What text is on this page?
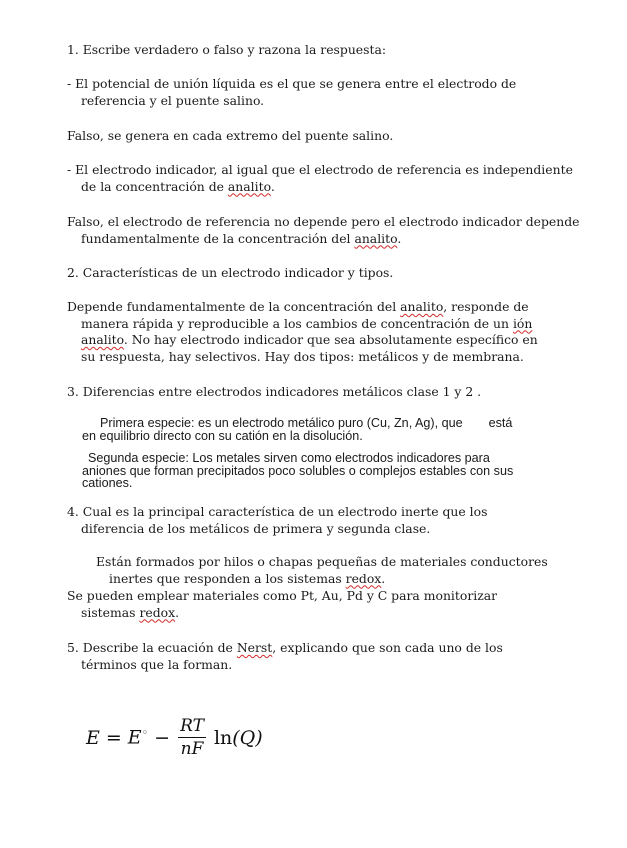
1. Escribe verdadero o falso y razona la respuesta:

- El potencial de unión líquida es el que se genera entre el electrodo de referencia y el puente salino.

Falso, se genera en cada extremo del puente salino.

- El electrodo indicador, al igual que el electrodo de referencia es independiente de la concentración de analito.

Falso, el electrodo de referencia no depende pero el electrodo indicador depende fundamentalmente de la concentración del analito.

2. Características de un electrodo indicador y tipos.

Depende fundamentalmente de la concentración del analito, responde de manera rápida y reproducible a los cambios de concentración de un ión analito. No hay electrodo indicador que sea absolutamente específico en su respuesta, hay selectivos. Hay dos tipos: metálicos y de membrana.

3. Diferencias entre electrodos indicadores metálicos clase 1 y 2 .

Primera especie: es un electrodo metálico puro (Cu, Zn, Ag), que está
en equilibrio directo con su catión en la disolución.
Segunda especie: Los metales sirven como electrodos indicadores para
aniones que forman precipitados poco solubles o complejos estables con sus
cationes.

4. Cual es la principal característica de un electrodo inerte que los diferencia de los metálicos de primera y segunda clase.

Están formados por hilos o chapas pequeñas de materiales conductores
inertes que responden a los sistemas redox.

Se pueden emplear materiales como Pt, Au, Pd y C para monitorizar sistemas redox.

5. Describe la ecuación de Nerst, explicando que son cada uno de los términos que la forman.

$E = E^◦ - \frac{RT}{nF} \ln(Q)$
